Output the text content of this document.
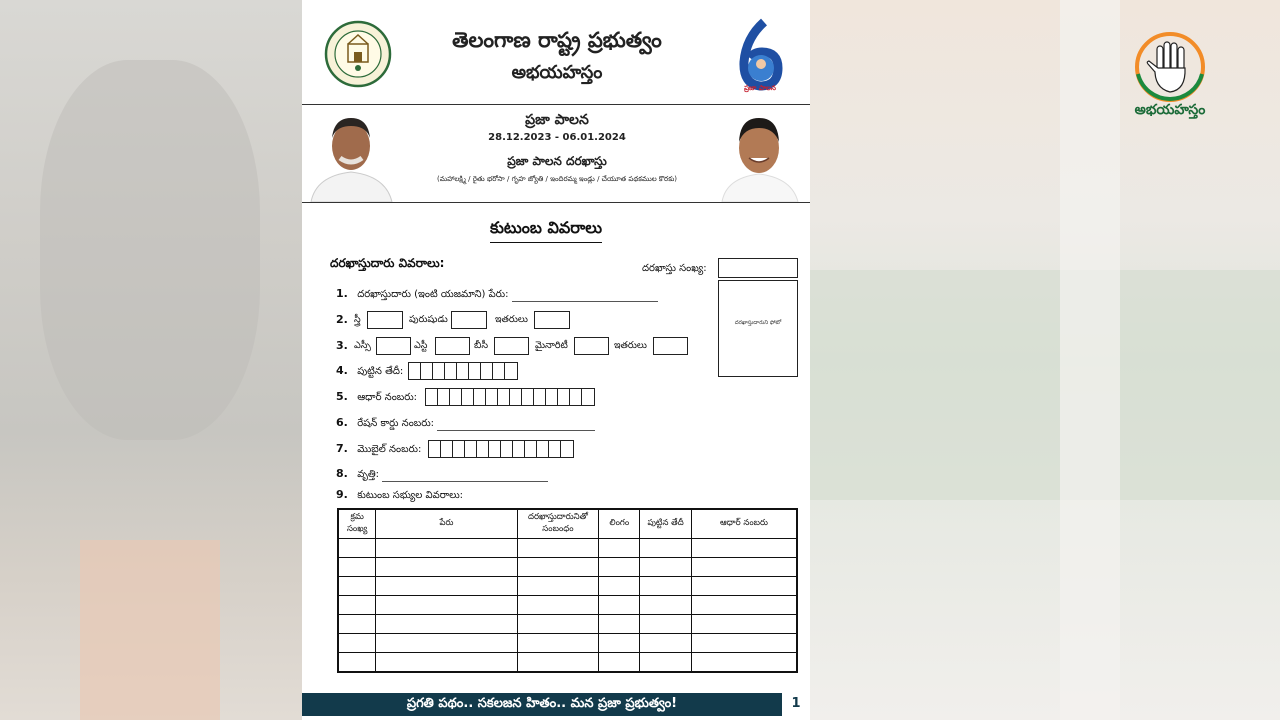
అభయహస్తం
తెలంగాణ రాష్ట్ర ప్రభుత్వం
అభయహస్తం
ప్రజా పాలన
ప్రజా పాలన
28.12.2023 - 06.01.2024
ప్రజా పాలన దరఖాస్తు
(మహాలక్ష్మి / రైతు భరోసా / గృహ జ్యోతి / ఇందిరమ్మ ఇండ్లు / చేయూత పథకముల కొరకు)
కుటుంబ వివరాలు
దరఖాస్తుదారు వివరాలు:	దరఖాస్తు సంఖ్య:
దరఖాస్తుదారుని ఫోటో
1. దరఖాస్తుదారు (ఇంటి యజమాని) పేరు:
2. స్త్రీ	పురుషుడు	ఇతరులు
3. ఎస్సీ	ఎస్టీ	బీసీ	మైనారిటీ	ఇతరులు
4. పుట్టిన తేదీ:
5. ఆధార్ నంబరు:
6. రేషన్ కార్డు నంబరు:
7. మొబైల్ నంబరు:
8. వృత్తి:
9. కుటుంబ సభ్యుల వివరాలు:
క్రమ సంఖ్య	పేరు	దరఖాస్తుదారునితో సంబంధం	లింగం	పుట్టిన తేదీ	ఆధార్ నంబరు

ప్రగతి పథం.. సకలజన హితం.. మన ప్రజా ప్రభుత్వం!	1
